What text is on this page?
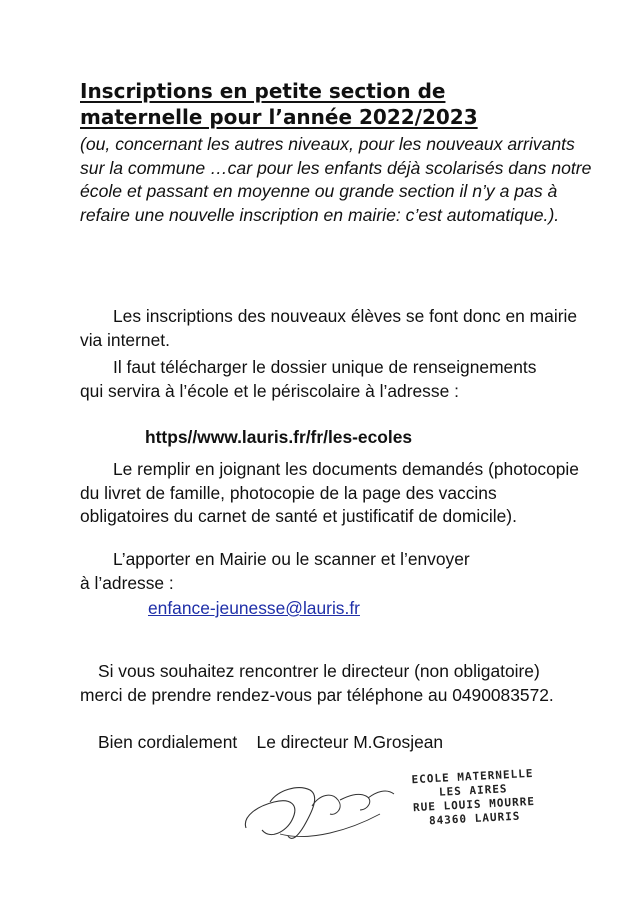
Inscriptions en petite section de
maternelle pour l’année 2022/2023

(ou, concernant les autres niveaux, pour les nouveaux arrivants sur la commune …car pour les enfants déjà scolarisés dans notre école et passant en moyenne ou grande section il n’y a pas à refaire une nouvelle inscription en mairie: c’est automatique.).

Les inscriptions des nouveaux élèves se font donc en mairie via internet.

Il faut télécharger le dossier unique de renseignements qui servira à l’école et le périscolaire à l’adresse :

https//www.lauris.fr/fr/les-ecoles

Le remplir en joignant les documents demandés (photocopie du livret de famille, photocopie de la page des vaccins obligatoires du carnet de santé et justificatif de domicile).

L’apporter en Mairie ou le scanner et l’envoyer à l’adresse :

enfance-jeunesse@lauris.fr

Si vous souhaitez rencontrer le directeur (non obligatoire) merci de prendre rendez-vous par téléphone au 0490083572.

Bien cordialement    Le directeur M.Grosjean

ECOLE MATERNELLE
LES AIRES
RUE LOUIS MOURRE
84360 LAURIS
